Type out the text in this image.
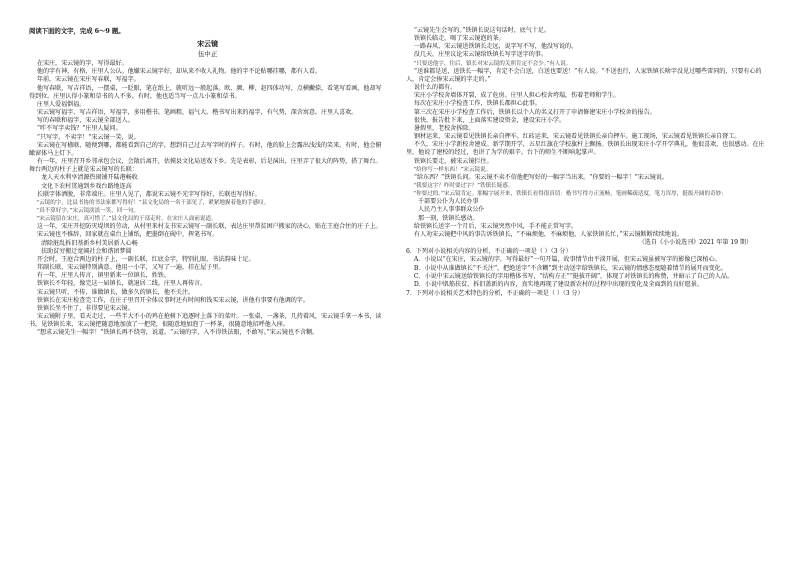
阅读下面的文字，完成 6～9 题。

宋云镜

伍中正

在宋庄，宋云镜的字，写得最好。

他的字有神，有格，庄里人公认。他嫌宋云镜字好，却从来不收人礼物。他的字不论贴哪挂哪，都有人看。

年前，宋云镜在宋庄写春联，写福字。

他写春联，写吉祥语，一摆桌，一眨眼，笔在纸上，就听远一般起落。欧、颜、柳、赵四体功写，点横撇捺，看笔写看画，他却写得到位。庄里认得小篆和草书的人不多。有时，他也适当写一点儿小篆和草书。

庄里人爱福倒福。

宋云镜写福字，写吉祥语，写福字，多用楷书。笔画粗，福气大。楷书写出来的福字，有气势，深含寓意。庄里人喜欢。

写的春联和福字，宋云镜全部送人。

“咋不写字卖钱？”庄里人疑问。

“只写字，不卖字！”宋云镜一笑，说。

宋云镜在写楹联，随便到哪，都能看到自己的字，想到自己过去写字时的样子。有时，他的脸上会露出浅浅的笑来，有时，他会俯瞰窗体马上灯下。

有一年，庄里召开乡邻承包会议，会散后离开，估摸县文化局送戏下乡。先是表彰，后是演出，庄里弄了很大的阵势，搭了舞台。舞台两边的柱子上就是宋云镜写的长联：

龙人天水利享清源热闹铺开陆港畅收

文化下农村贯通到乡戏台路地连高

长联字体洒脱，非常端庄。庄里人见了，都说宋云镜不光字写得好，长联也写得好。

“云镜的字，比县书协的书法家都写得好！”县文化局的一名干部见了，紧紧地握着他的手感叹。

“真不算好字，”宋云镜淡淡一笑，回一句。

“宋云镜留在宋庄，真可惜了。”县文化局的干部走时，在宋庄人面前说道。

这一年，宋庄开挖防灾堤坝的劳动，从村里来村支书宋云镜写一副长联，表达庄里帮贫困户搬家的决心，贴在王庭合住的庄子上。

宋云镜也不推辞，回家就在桌台上铺纸，把墨倒在砚中，挥笔书写。

清除脏乱拆旧基新乡村美居新人心畅

扶助贫穷搬迁宽阔社会和谐团梦圆

开会时，王庭合两边的柱子上，一副长联，红底金字，特别扎眼，书法韵味十足。

邦副长联，宋云镜特别满意。他用一小字，又写了一遍，挂在屋子里。

有一年，庄里人传言，镇里新来一位镇长，姓铁。

铁镇长不年轻，像完这一届镇长，就退居二线。庄里人再传言。

宋云镜只听，不传，谁做镇长，做多久的镇长，他不关注。

铁镇长在宋庄检查完工作，在庄子里召开全体议事时还有时间和钱买宋云镜，讲他有事要有他调的字。

铁镇长坐不住了，非得要见宋云镜。

宋云镜附子里，看天走过，一些半大不小的鸡在抢树下追逐时上落下的菜叶。一张桌，一盏茶，几持着风，宋云镜手拿一本书，读书。见铁镇长来，宋云镜把随意地加放了一把凳，很随意地加泡了一杯茶，很随意地招呼他入座。

“想求云镜先生一幅字！”铁镇长再不绕弯，说道。“云镜的字，入不得铁法眼，不敢写。”宋云镜也不含糊。

“云镜先生会写的。”铁镇长说这句话时，底气十足。

铁镇长临走，喝了宋云镜泡的茶。

一路春风，宋云镜送铁镇长走远，说字写不写，他没写说的。

没几天，庄里议论宋云镜给铁镇长写字送字的事。

“只要送他字，往后，镇长对宋云镜的关照肯定不会少。”有人说。

“送谁都是送，送铁长一幅字，肯定不会白送，白送也要送！”有人说。“不送也行，人家铁镇长啥字没见过哪些雷同的，只要有心的人，肯定会捧宋云镜的字走的。”

说什么的都有。

宋庄小学校舍墙体开裂，成了危房。庄里人担心校舍垮塌，伤着老师和学生。

每次在宋庄小学检查工作，铁镇长都担心此事。

第三次在宋庄小学检查工作后，铁镇长以个人的名义打开了申请修建宋庄小学校舍的报告。

很快，报告批下来，上面落实建设资金，建设宋庄小学。

暑假里，老校舍拆除。

钢材运来，宋云镜看见铁镇长亲自押车。红砖运来，宋云镜看见铁镇长亲自押车。施工现场，宋云镜看见铁镇长亲自督工。

不久，宋庄小学新校舍建成。新学期开学，五星红旗在学校旗杆上飘扬。铁镇长出现宋庄小学开学典礼，他很喜欢，也很感动。在庄里，他说了建校的经过，也讲了为学的艰辛。台下的师生不断响起掌声。

铁镇长要走，被宋云镜拦住。

“给你写一样东西！”宋云镜说。

“给东西？”铁镇长问。宋云镜不卖不信他把写好的一幅字当出来。“你要的一幅字！”宋云镜说。

“我要这字？咋时要过字？”铁镇长疑惑。

“你要过的。”宋云镜肯定。那幅字展开来，铁镇长看得很真切：楷书写得方正流畅，笔画稀疏适度，笔力浑厚，挺拔开阔的奇妙：

千部要公仆为人民办事

人民乃主人事事群众公仆

那一刻，铁镇长感动。

给铁镇长送字一个月后，宋云镜突然中风，手不能正常写字。

有人劝宋云镜把中风的事告诉铁镇长，“不麻烦他，不麻烦他，人家铁镇长忙，”宋云镜断断续续地说。

（选自《小小说选刊》2021 年第 19 期）

6．下列对小说相关内容的分析，不正确的一项是（ ）（3 分）

A．小说以“在宋庄，宋云镜的字，写得最好”一句开篇，故事情节由平淡开展，但宋云镜虽被写字的影像已深植心。

B．小说中从谁做镇长“不关注”，把绝送字“不含糊”到主动送字给铁镇长，宋云镜的情感态度随着情节的展开而变化。

C．小说中宋云镜送给铁镇长的字用楷体书写，“结构方正”“挺拔开阔”，体现了对铁镇长的称赞，并暗示了自己的人品。

D．小说中肌筋扶贫、拆旧盖新的内容，真实地再现了建设新农村的过程中出现的变化及全面到的良好愿景。

7．下列对小说相关艺术特色的分析，不正确的一项是（ ）（3 分）
